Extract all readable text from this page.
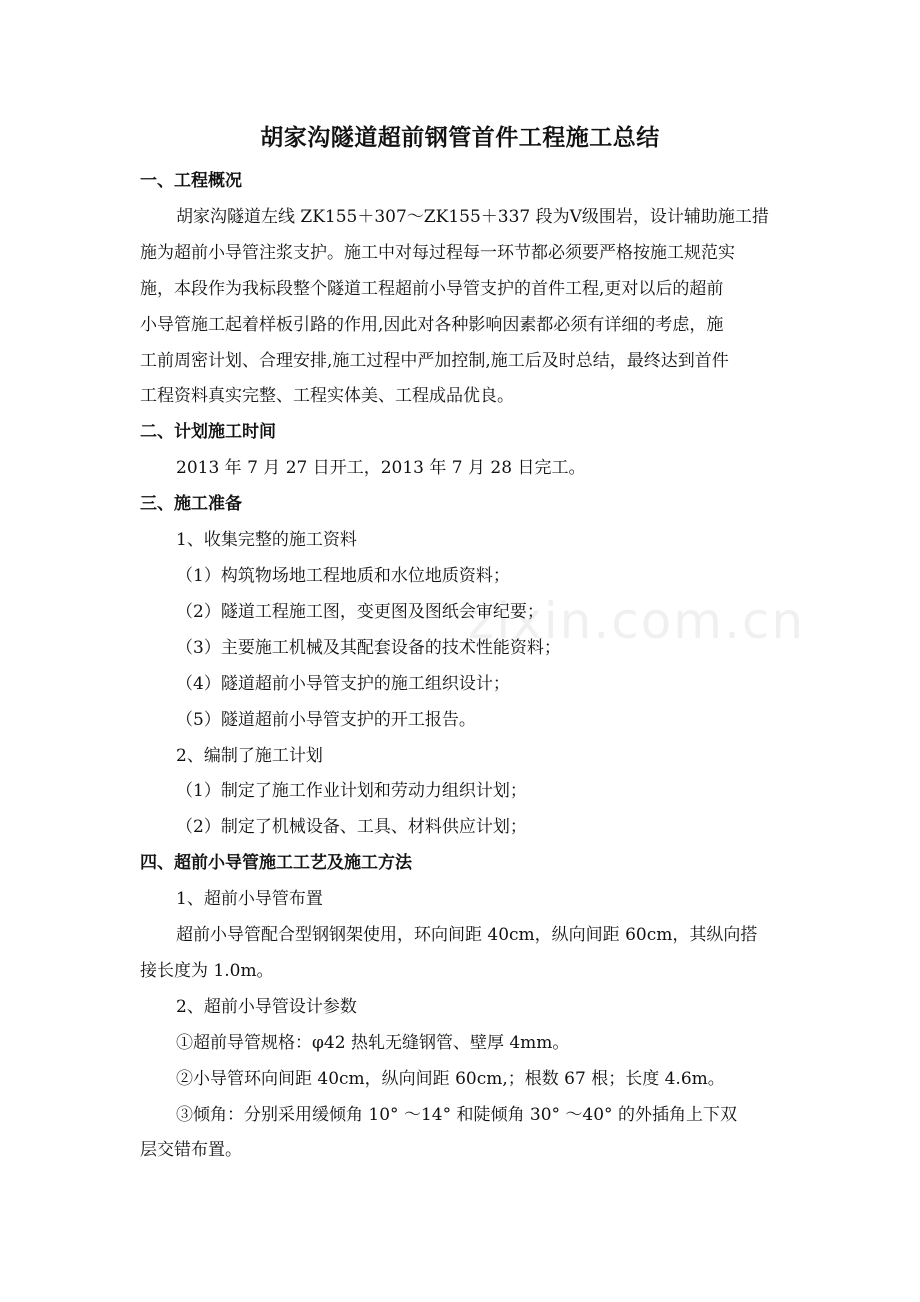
zixin.com.cn
胡家沟隧道超前钢管首件工程施工总结
一、工程概况
胡家沟隧道左线 ZK155＋307～ZK155＋337 段为Ⅴ级围岩，设计辅助施工措
施为超前小导管注浆支护。施工中对每过程每一环节都必须要严格按施工规范实
施，本段作为我标段整个隧道工程超前小导管支护的首件工程,更对以后的超前
小导管施工起着样板引路的作用,因此对各种影响因素都必须有详细的考虑，施
工前周密计划、合理安排,施工过程中严加控制,施工后及时总结，最终达到首件
工程资料真实完整、工程实体美、工程成品优良。
二、计划施工时间
2013 年 7 月 27 日开工，2013 年 7 月 28 日完工。
三、施工准备
1、收集完整的施工资料
（1）构筑物场地工程地质和水位地质资料；
（2）隧道工程施工图，变更图及图纸会审纪要；
（3）主要施工机械及其配套设备的技术性能资料；
（4）隧道超前小导管支护的施工组织设计；
（5）隧道超前小导管支护的开工报告。
2、编制了施工计划
（1）制定了施工作业计划和劳动力组织计划；
（2）制定了机械设备、工具、材料供应计划；
四、超前小导管施工工艺及施工方法
1、超前小导管布置
超前小导管配合型钢钢架使用，环向间距 40cm，纵向间距 60cm，其纵向搭
接长度为 1.0m。
2、超前小导管设计参数
①超前导管规格：φ42 热轧无缝钢管、壁厚 4mm。
②小导管环向间距 40cm，纵向间距 60cm,；根数 67 根；长度 4.6m。
③倾角：分别采用缓倾角 10° ～14° 和陡倾角 30° ～40° 的外插角上下双
层交错布置。
